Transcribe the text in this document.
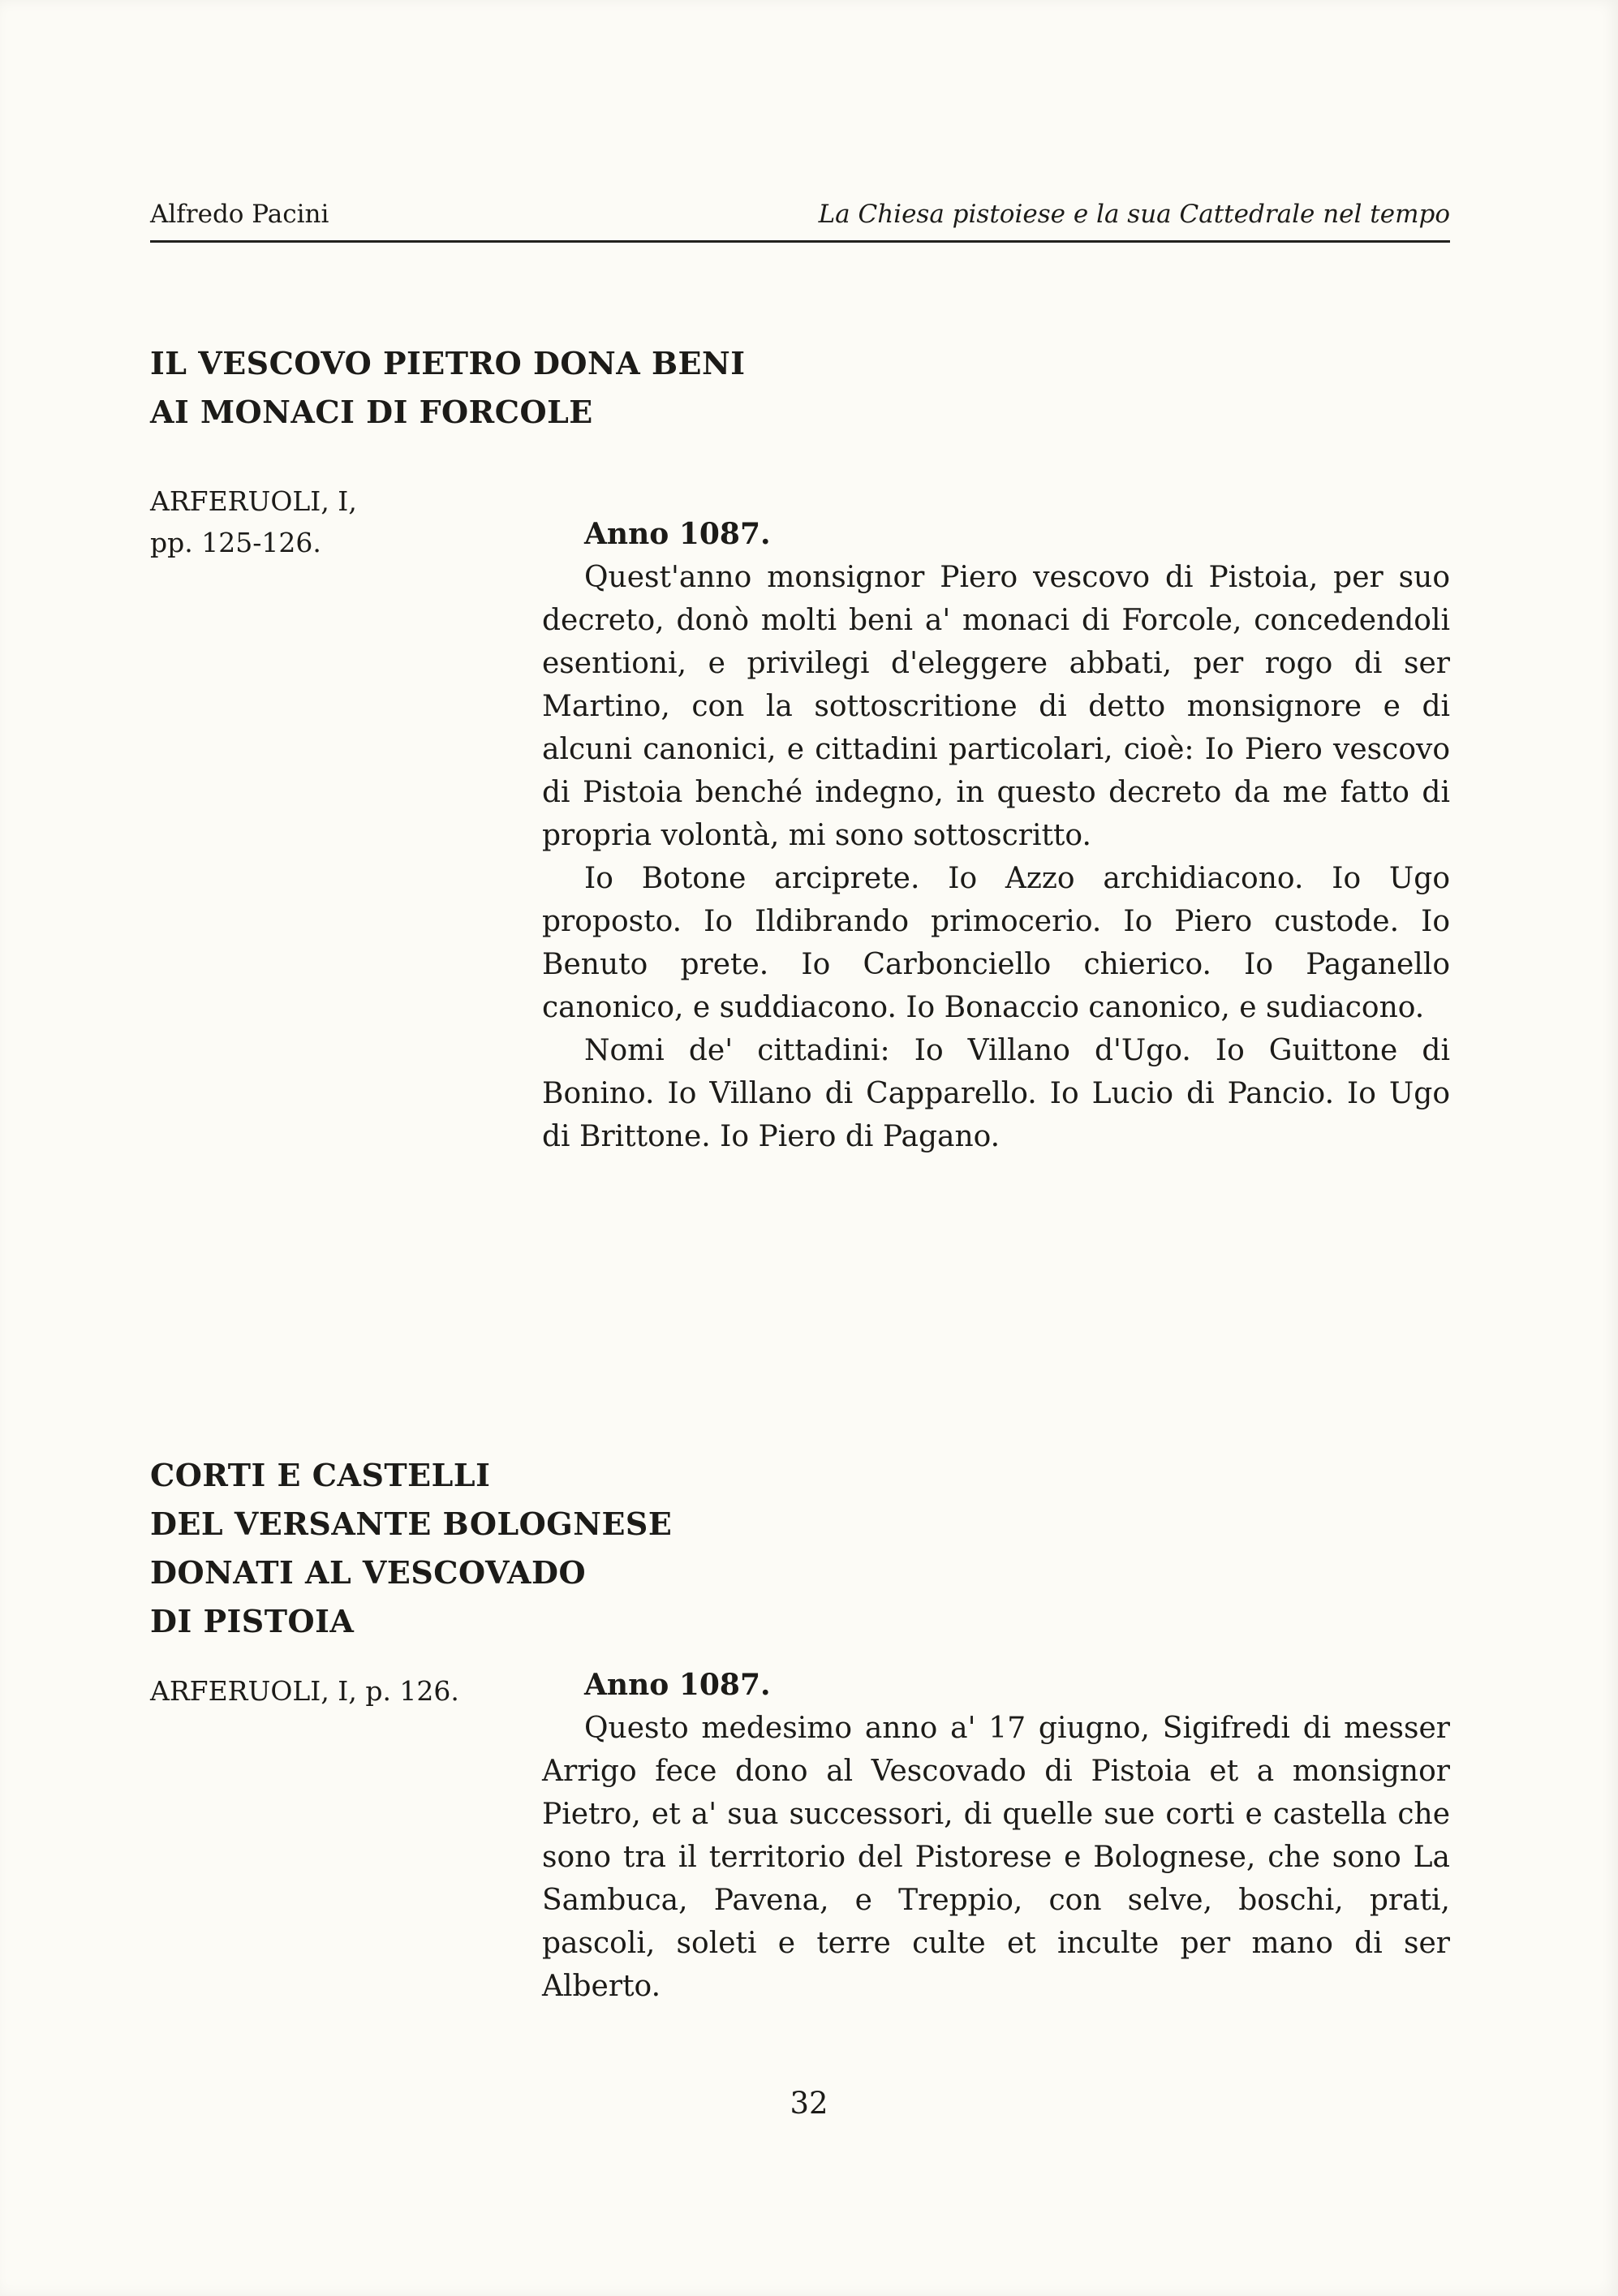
Alfredo Pacini	La Chiesa pistoiese e la sua Cattedrale nel tempo
IL VESCOVO PIETRO DONA BENI
AI MONACI DI FORCOLE
ARFERUOLI, I,
pp. 125-126.	Anno 1087.

Quest'anno monsignor Piero vescovo di Pistoia, per suo decreto, donò molti beni a' monaci di Forcole, concedendoli esentioni, e privilegi d'eleggere abbati, per rogo di ser Martino, con la sottoscritione di detto monsignore e di alcuni canonici, e cittadini particolari, cioè: Io Piero vescovo di Pistoia benché indegno, in questo decreto da me fatto di propria volontà, mi sono sottoscritto.

Io Botone arciprete. Io Azzo archidiacono. Io Ugo proposto. Io Ildibrando primocerio. Io Piero custode. Io Benuto prete. Io Carbonciello chierico. Io Paganello canonico, e suddiacono. Io Bonaccio canonico, e sudiacono.

Nomi de' cittadini: Io Villano d'Ugo. Io Guittone di Bonino. Io Villano di Capparello. Io Lucio di Pancio. Io Ugo di Brittone. Io Piero di Pagano.

CORTI E CASTELLI
DEL VERSANTE BOLOGNESE
DONATI AL VESCOVADO
DI PISTOIA
ARFERUOLI, I, p. 126.	Anno 1087.

Questo medesimo anno a' 17 giugno, Sigifredi di messer Arrigo fece dono al Vescovado di Pistoia et a monsignor Pietro, et a' sua successori, di quelle sue corti e castella che sono tra il territorio del Pistorese e Bolognese, che sono La Sambuca, Pavena, e Treppio, con selve, boschi, prati, pascoli, soleti e terre culte et inculte per mano di ser Alberto.

32
